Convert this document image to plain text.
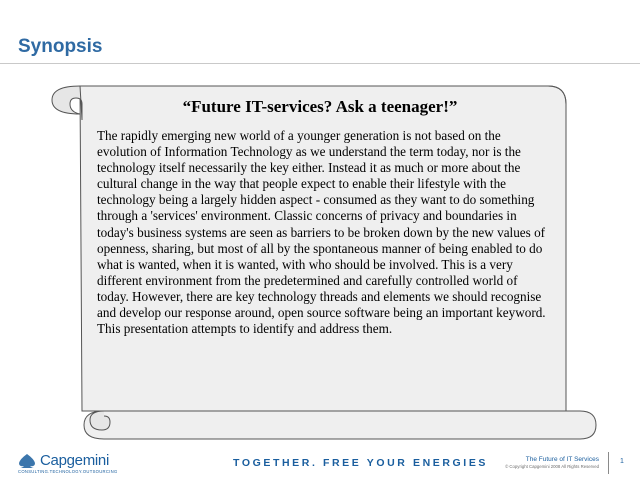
Synopsis
“Future IT-services? Ask a teenager!”

The rapidly emerging new world of a younger generation is not based on the evolution of Information Technology as we understand the term today, nor is the technology itself necessarily the key either. Instead it as much or more about the cultural change in the way that people expect to enable their lifestyle with the technology being a largely hidden aspect - consumed as they want to do something through a 'services' environment. Classic concerns of privacy and boundaries in today's business systems are seen as barriers to be broken down by the new values of openness, sharing, but most of all by the spontaneous manner of being enabled to do what is wanted, when it is wanted, with who should be involved. This is a very different environment from the predetermined and carefully controlled world of today. However, there are key technology threads and elements we should recognise and develop our response around, open source software being an important keyword. This presentation attempts to identify and address them.

Capgemini
CONSULTING.TECHNOLOGY.OUTSOURCING
TOGETHER. FREE YOUR ENERGIES	The Future of IT Services
© Copyright Capgemini 2008 All Rights Reserved
1
